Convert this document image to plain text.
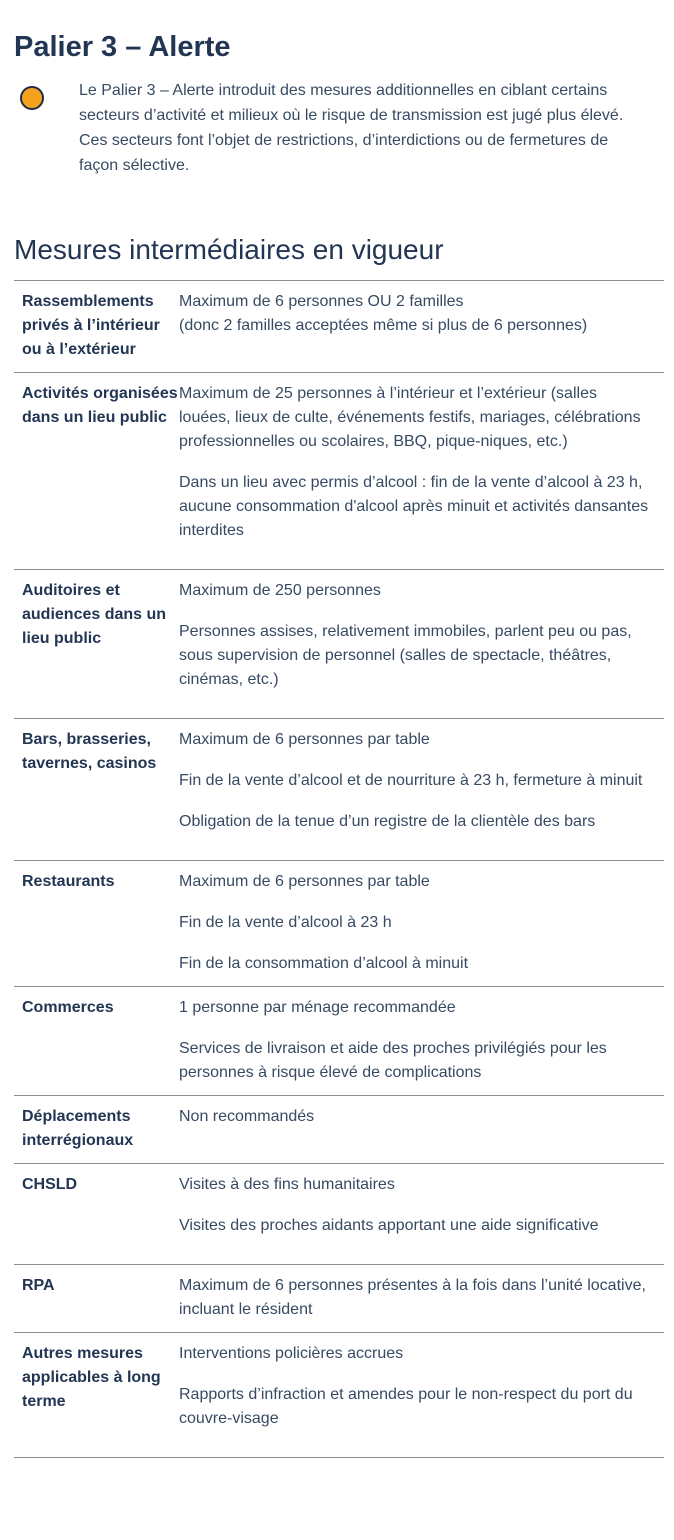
Palier 3 – Alerte

Le Palier 3 – Alerte introduit des mesures additionnelles en ciblant certains secteurs d’activité et milieux où le risque de transmission est jugé plus élevé. Ces secteurs font l’objet de restrictions, d’interdictions ou de fermetures de façon sélective.

Mesures intermédiaires en vigueur
Rassemblements privés à l’intérieur ou à l’extérieur	Maximum de 6 personnes OU 2 familles
(donc 2 familles acceptées même si plus de 6 personnes)

Activités organisées dans un lieu public	Maximum de 25 personnes à l’intérieur et l’extérieur (salles louées, lieux de culte, événements festifs, mariages, célébrations professionnelles ou scolaires, BBQ, pique-niques, etc.)

Dans un lieu avec permis d’alcool : fin de la vente d’alcool à 23 h, aucune consommation d'alcool après minuit et activités dansantes interdites

Auditoires et audiences dans un lieu public	Maximum de 250 personnes

Personnes assises, relativement immobiles, parlent peu ou pas, sous supervision de personnel (salles de spectacle, théâtres, cinémas, etc.)

Bars, brasseries, tavernes, casinos	Maximum de 6 personnes par table

Fin de la vente d’alcool et de nourriture à 23 h, fermeture à minuit

Obligation de la tenue d’un registre de la clientèle des bars

Restaurants	Maximum de 6 personnes par table

Fin de la vente d’alcool à 23 h

Fin de la consommation d’alcool à minuit

Commerces	1 personne par ménage recommandée

Services de livraison et aide des proches privilégiés pour les personnes à risque élevé de complications

Déplacements interrégionaux	Non recommandés

CHSLD	Visites à des fins humanitaires

Visites des proches aidants apportant une aide significative

RPA	Maximum de 6 personnes présentes à la fois dans l’unité locative, incluant le résident

Autres mesures applicables à long terme	Interventions policières accrues

Rapports d’infraction et amendes pour le non-respect du port du couvre-visage
